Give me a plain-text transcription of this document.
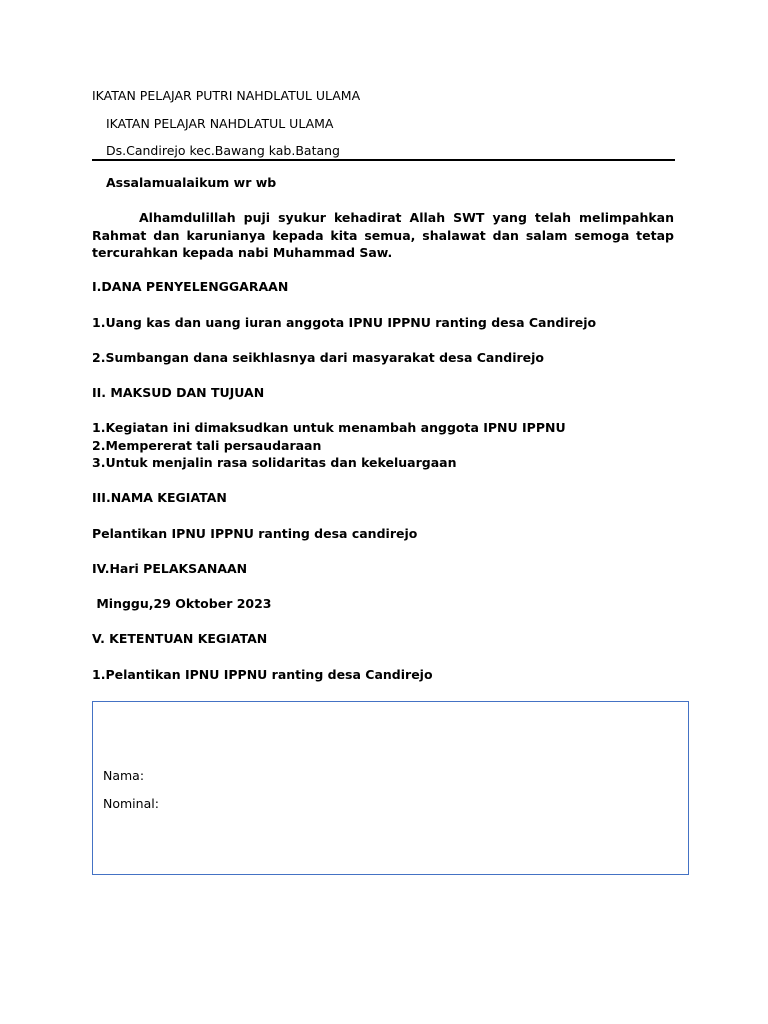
IKATAN PELAJAR PUTRI NAHDLATUL ULAMA
IKATAN PELAJAR NAHDLATUL ULAMA
Ds.Candirejo kec.Bawang kab.Batang
Assalamualaikum wr wb
Alhamdulillah puji syukur kehadirat Allah SWT yang telah melimpahkan Rahmat dan karunianya kepada kita semua, shalawat dan salam semoga tetap tercurahkan kepada nabi Muhammad Saw.
I.DANA PENYELENGGARAAN
1.Uang kas dan uang iuran anggota IPNU IPPNU ranting desa Candirejo
2.Sumbangan dana seikhlasnya dari masyarakat desa Candirejo
II. MAKSUD DAN TUJUAN
1.Kegiatan ini dimaksudkan untuk menambah anggota IPNU IPPNU
2.Mempererat tali persaudaraan
3.Untuk menjalin rasa solidaritas dan kekeluargaan
III.NAMA KEGIATAN
Pelantikan IPNU IPPNU ranting desa candirejo
IV.Hari PELAKSANAAN
Minggu,29 Oktober 2023
V. KETENTUAN KEGIATAN
1.Pelantikan IPNU IPPNU ranting desa Candirejo
Nama:
Nominal:
